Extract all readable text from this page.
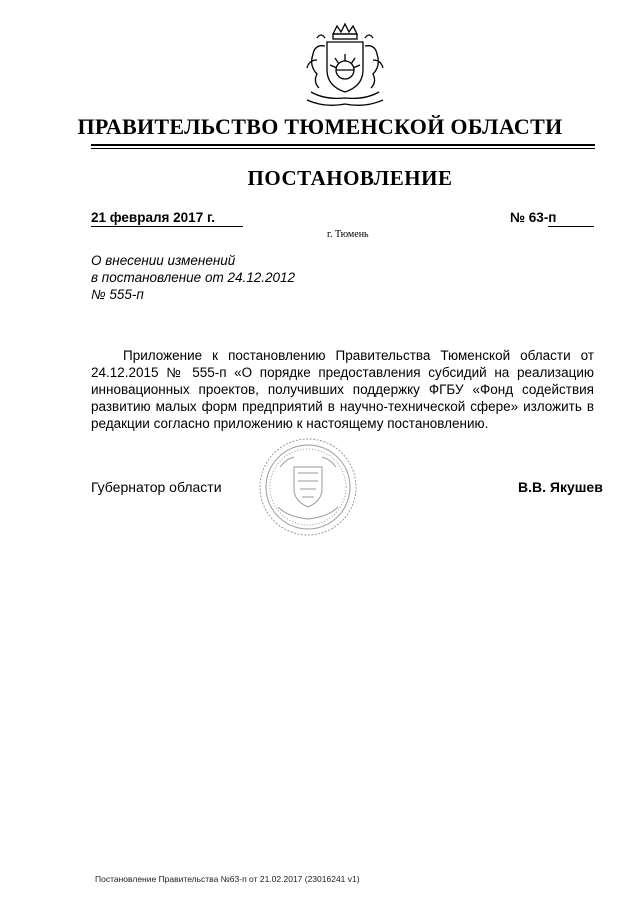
ПРАВИТЕЛЬСТВО ТЮМЕНСКОЙ ОБЛАСТИ
ПОСТАНОВЛЕНИЕ
21 февраля 2017 г.	№ 63-п
г. Тюмень
О внесении изменений
в постановление от 24.12.2012
№ 555-п
Приложение к постановлению Правительства Тюменской области от 24.12.2015 № 555-п «О порядке предоставления субсидий на реализацию инновационных проектов, получивших поддержку ФГБУ «Фонд содействия развитию малых форм предприятий в научно-технической сфере» изложить в редакции согласно приложению к настоящему постановлению.
Губернатор области	В.В. Якушев
Постановление Правительства №63-п от 21.02.2017 (23016241 v1)
